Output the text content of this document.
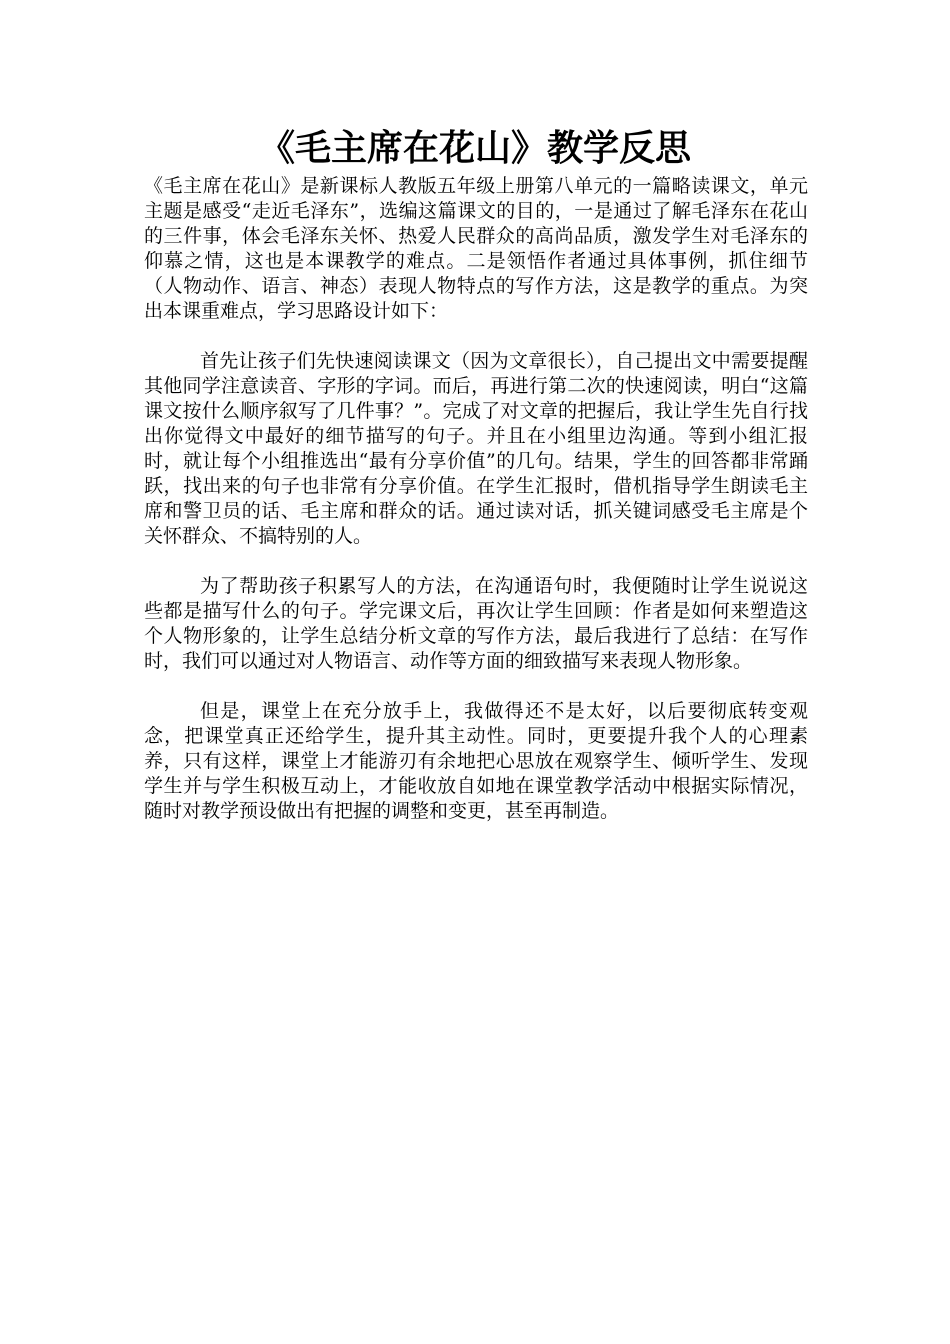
《毛主席在花山》教学反思

《毛主席在花山》是新课标人教版五年级上册第八单元的一篇略读课文，单元主题是感受“走近毛泽东”，选编这篇课文的目的，一是通过了解毛泽东在花山的三件事，体会毛泽东关怀、热爱人民群众的高尚品质，激发学生对毛泽东的仰慕之情，这也是本课教学的难点。二是领悟作者通过具体事例，抓住细节（人物动作、语言、神态）表现人物特点的写作方法，这是教学的重点。为突出本课重难点，学习思路设计如下：

首先让孩子们先快速阅读课文（因为文章很长），自己提出文中需要提醒其他同学注意读音、字形的字词。而后，再进行第二次的快速阅读，明白“这篇课文按什么顺序叙写了几件事？”。完成了对文章的把握后，我让学生先自行找出你觉得文中最好的细节描写的句子。并且在小组里边沟通。等到小组汇报时，就让每个小组推选出“最有分享价值”的几句。结果，学生的回答都非常踊跃，找出来的句子也非常有分享价值。在学生汇报时，借机指导学生朗读毛主席和警卫员的话、毛主席和群众的话。通过读对话，抓关键词感受毛主席是个关怀群众、不搞特别的人。

为了帮助孩子积累写人的方法，在沟通语句时，我便随时让学生说说这些都是描写什么的句子。学完课文后，再次让学生回顾：作者是如何来塑造这个人物形象的，让学生总结分析文章的写作方法，最后我进行了总结：在写作时，我们可以通过对人物语言、动作等方面的细致描写来表现人物形象。

但是，课堂上在充分放手上，我做得还不是太好，以后要彻底转变观念，把课堂真正还给学生，提升其主动性。同时，更要提升我个人的心理素养，只有这样，课堂上才能游刃有余地把心思放在观察学生、倾听学生、发现学生并与学生积极互动上，才能收放自如地在课堂教学活动中根据实际情况，随时对教学预设做出有把握的调整和变更，甚至再制造。
